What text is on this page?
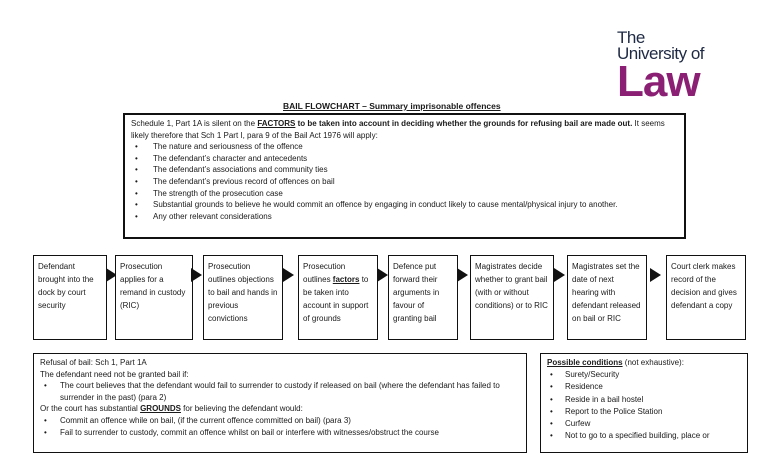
The
University of
Law
BAIL FLOWCHART – Summary imprisonable offences
Schedule 1, Part 1A is silent on the FACTORS to be taken into account in deciding whether the grounds for refusing bail are made out. It seems likely therefore that Sch 1 Part I, para 9 of the Bail Act 1976 will apply:
• The nature and seriousness of the offence
• The defendant’s character and antecedents
• The defendant’s associations and community ties
• The defendant’s previous record of offences on bail
• The strength of the prosecution case
• Substantial grounds to believe he would commit an offence by engaging in conduct likely to cause mental/physical injury to another.
• Any other relevant considerations
Defendant brought into the dock by court security
Prosecution applies for a remand in custody (RIC)
Prosecution outlines objections to bail and hands in previous convictions
Prosecution outlines factors to be taken into account in support of grounds
Defence put forward their arguments in favour of granting bail
Magistrates decide whether to grant bail (with or without conditions) or to RIC
Magistrates set the date of next hearing with defendant released on bail or RIC
Court clerk makes record of the decision and gives defendant a copy
Refusal of bail: Sch 1, Part 1A
The defendant need not be granted bail if:
• The court believes that the defendant would fail to surrender to custody if released on bail (where the defendant has failed to surrender in the past) (para 2)
Or the court has substantial GROUNDS for believing the defendant would:
• Commit an offence while on bail, (if the current offence committed on bail) (para 3)
• Fail to surrender to custody, commit an offence whilst on bail or interfere with witnesses/obstruct the course
Possible conditions (not exhaustive):
• Surety/Security
• Residence
• Reside in a bail hostel
• Report to the Police Station
• Curfew
• Not to go to a specified building, place or
